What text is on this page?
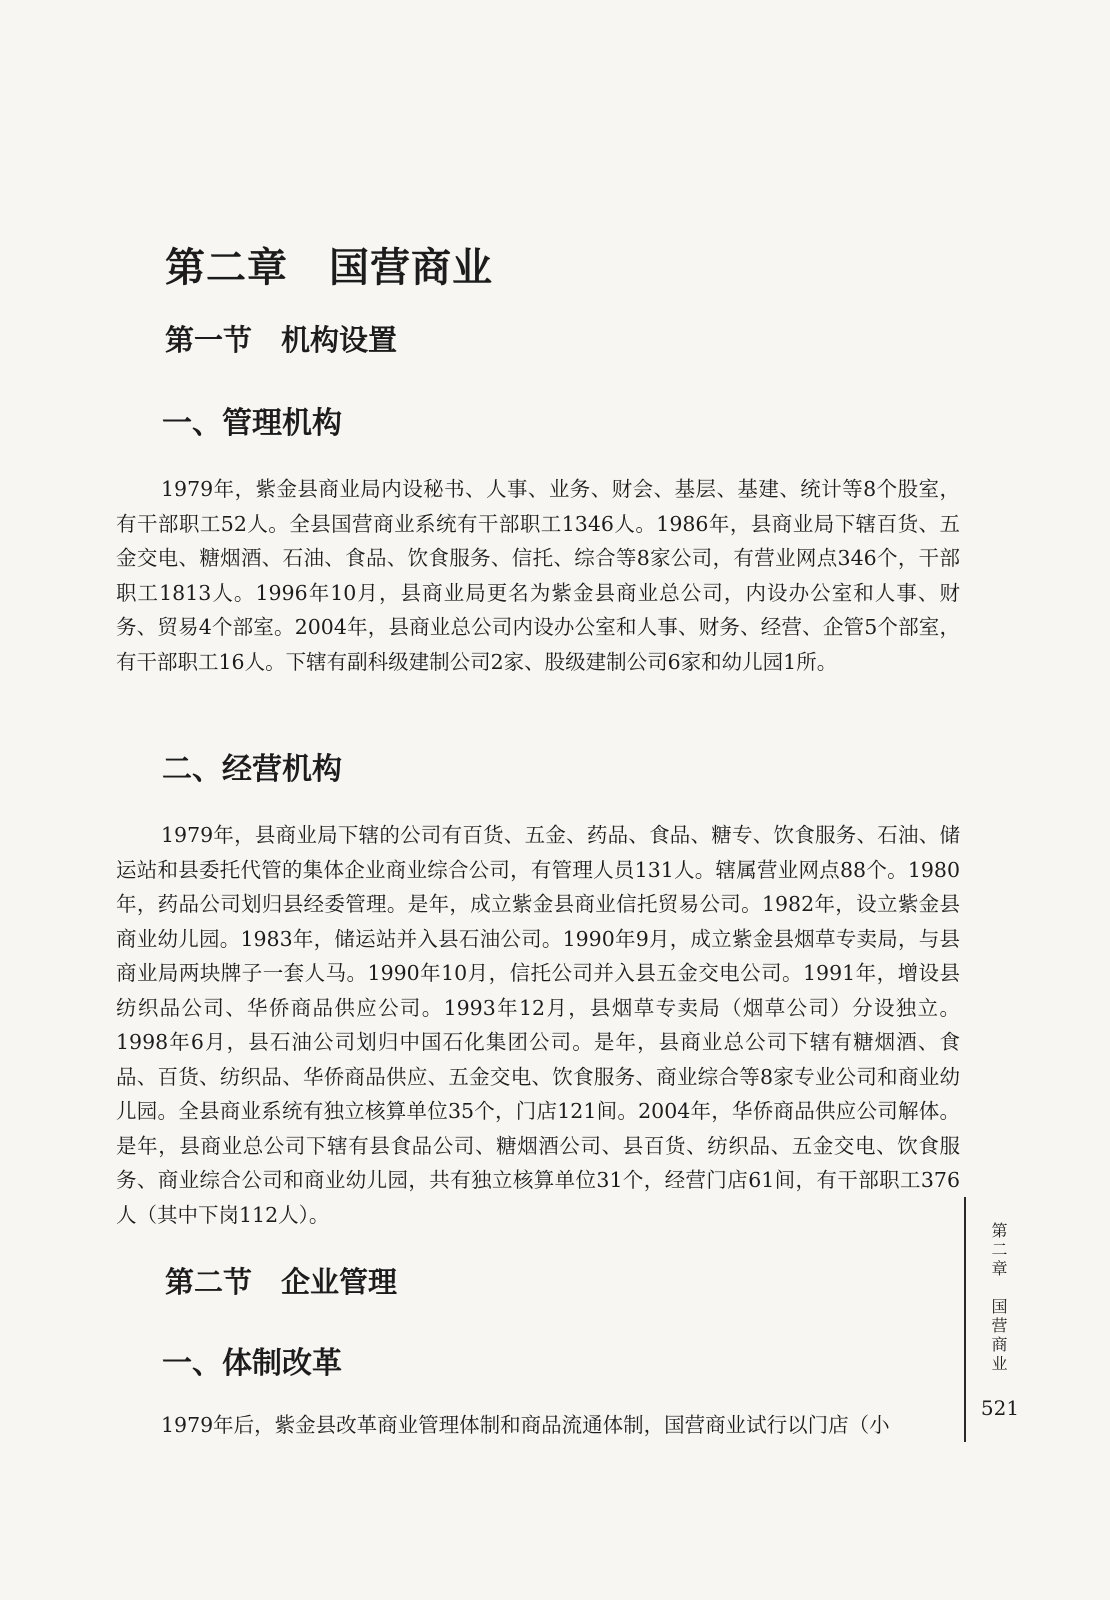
第二章　国营商业
第一节　机构设置
一、管理机构

1979年，紫金县商业局内设秘书、人事、业务、财会、基层、基建、统计等8个股室，有干部职工52人。全县国营商业系统有干部职工1346人。1986年，县商业局下辖百货、五金交电、糖烟酒、石油、食品、饮食服务、信托、综合等8家公司，有营业网点346个，干部职工1813人。1996年10月，县商业局更名为紫金县商业总公司，内设办公室和人事、财务、贸易4个部室。2004年，县商业总公司内设办公室和人事、财务、经营、企管5个部室，有干部职工16人。下辖有副科级建制公司2家、股级建制公司6家和幼儿园1所。

二、经营机构

1979年，县商业局下辖的公司有百货、五金、药品、食品、糖专、饮食服务、石油、储运站和县委托代管的集体企业商业综合公司，有管理人员131人。辖属营业网点88个。1980年，药品公司划归县经委管理。是年，成立紫金县商业信托贸易公司。1982年，设立紫金县商业幼儿园。1983年，储运站并入县石油公司。1990年9月，成立紫金县烟草专卖局，与县商业局两块牌子一套人马。1990年10月，信托公司并入县五金交电公司。1991年，增设县纺织品公司、华侨商品供应公司。1993年12月，县烟草专卖局（烟草公司）分设独立。1998年6月，县石油公司划归中国石化集团公司。是年，县商业总公司下辖有糖烟酒、食品、百货、纺织品、华侨商品供应、五金交电、饮食服务、商业综合等8家专业公司和商业幼儿园。全县商业系统有独立核算单位35个，门店121间。2004年，华侨商品供应公司解体。是年，县商业总公司下辖有县食品公司、糖烟酒公司、县百货、纺织品、五金交电、饮食服务、商业综合公司和商业幼儿园，共有独立核算单位31个，经营门店61间，有干部职工376人（其中下岗112人）。

第二节　企业管理
一、体制改革

1979年后，紫金县改革商业管理体制和商品流通体制，国营商业试行以门店（小

第二章　国营商业
521
